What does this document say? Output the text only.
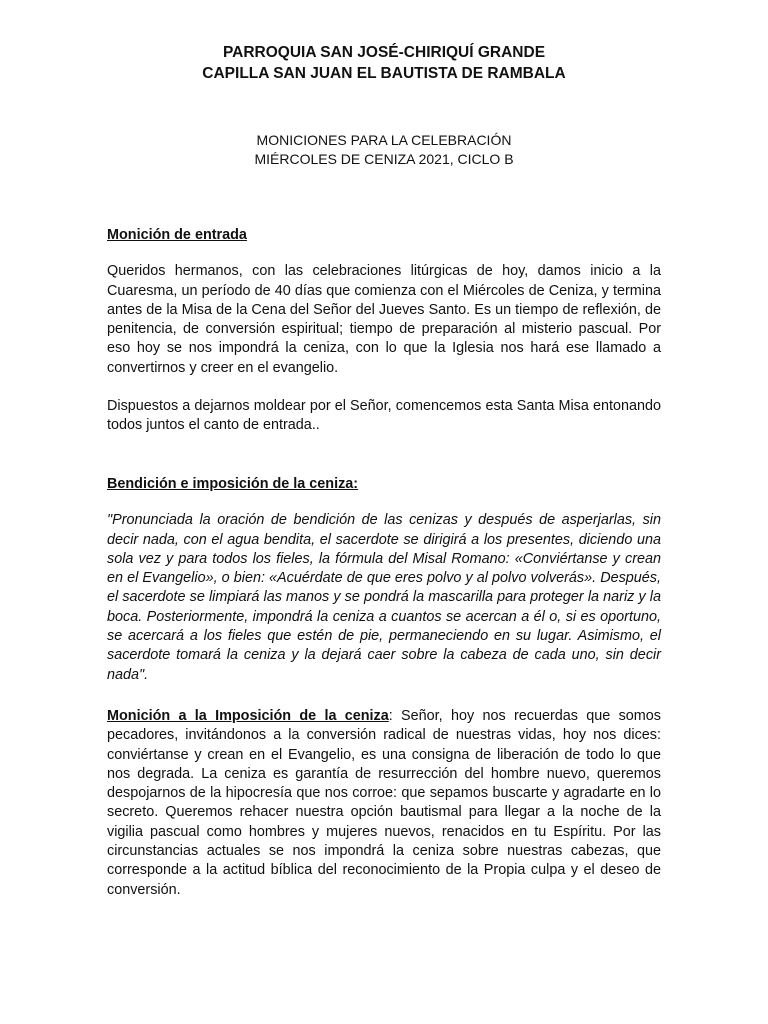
PARROQUIA SAN JOSÉ-CHIRIQUÍ GRANDE
CAPILLA SAN JUAN EL BAUTISTA DE RAMBALA
MONICIONES PARA LA CELEBRACIÓN
MIÉRCOLES DE CENIZA 2021, CICLO B

Monición de entrada

Queridos hermanos, con las celebraciones litúrgicas de hoy, damos inicio a la Cuaresma, un período de 40 días que comienza con el Miércoles de Ceniza, y termina antes de la Misa de la Cena del Señor del Jueves Santo. Es un tiempo de reflexión, de penitencia, de conversión espiritual; tiempo de preparación al misterio pascual. Por eso hoy se nos impondrá la ceniza, con lo que la Iglesia nos hará ese llamado a convertirnos y creer en el evangelio.

Dispuestos a dejarnos moldear por el Señor, comencemos esta Santa Misa entonando todos juntos el canto de entrada..

Bendición e imposición de la ceniza:

"Pronunciada la oración de bendición de las cenizas y después de asperjarlas, sin decir nada, con el agua bendita, el sacerdote se dirigirá a los presentes, diciendo una sola vez y para todos los fieles, la fórmula del Misal Romano: «Conviértanse y crean en el Evangelio», o bien: «Acuérdate de que eres polvo y al polvo volverás». Después, el sacerdote se limpiará las manos y se pondrá la mascarilla para proteger la nariz y la boca. Posteriormente, impondrá la ceniza a cuantos se acercan a él o, si es oportuno, se acercará a los fieles que estén de pie, permaneciendo en su lugar. Asimismo, el sacerdote tomará la ceniza y la dejará caer sobre la cabeza de cada uno, sin decir nada".

Monición a la Imposición de la ceniza: Señor, hoy nos recuerdas que somos pecadores, invitándonos a la conversión radical de nuestras vidas, hoy nos dices: conviértanse y crean en el Evangelio, es una consigna de liberación de todo lo que nos degrada. La ceniza es garantía de resurrección del hombre nuevo, queremos despojarnos de la hipocresía que nos corroe: que sepamos buscarte y agradarte en lo secreto. Queremos rehacer nuestra opción bautismal para llegar a la noche de la vigilia pascual como hombres y mujeres nuevos, renacidos en tu Espíritu. Por las circunstancias actuales se nos impondrá la ceniza sobre nuestras cabezas, que corresponde a la actitud bíblica del reconocimiento de la Propia culpa y el deseo de conversión.
